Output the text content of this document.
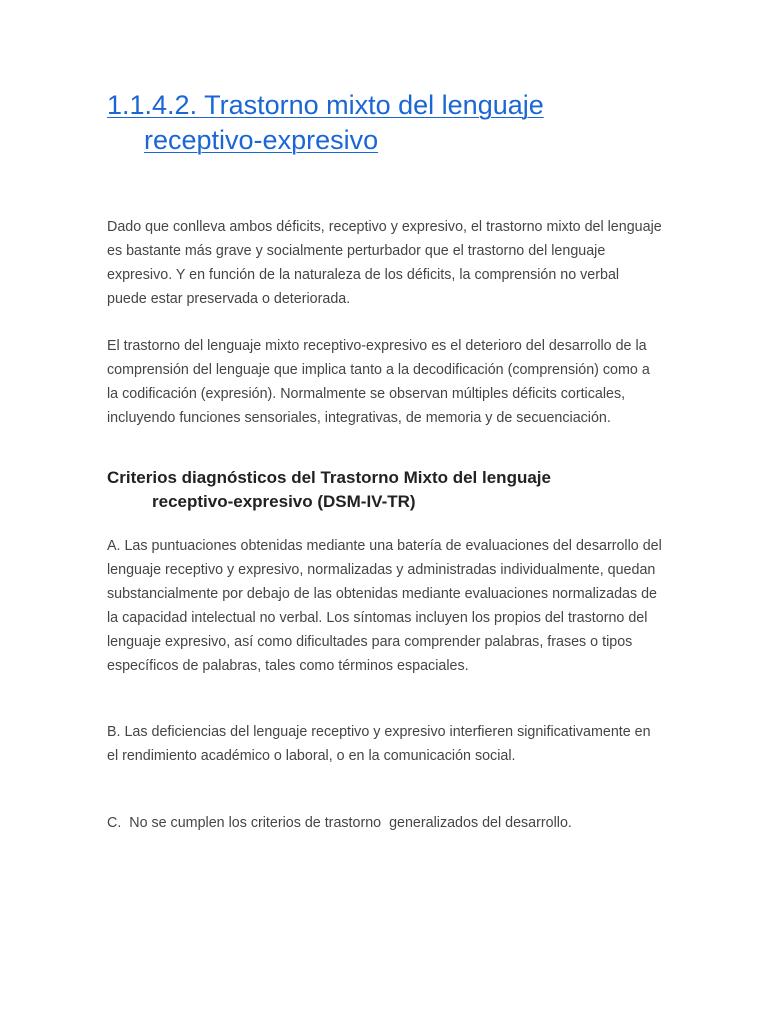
1.1.4.2. Trastorno mixto del lenguaje
receptivo-expresivo

Dado que conlleva ambos déficits, receptivo y expresivo, el trastorno mixto del lenguaje es bastante más grave y socialmente perturbador que el trastorno del lenguaje expresivo. Y en función de la naturaleza de los déficits, la comprensión no verbal puede estar preservada o deteriorada.

El trastorno del lenguaje mixto receptivo-expresivo es el deterioro del desarrollo de la comprensión del lenguaje que implica tanto a la decodificación (comprensión) como a la codificación (expresión). Normalmente se observan múltiples déficits corticales, incluyendo funciones sensoriales, integrativas, de memoria y de secuenciación.

Criterios diagnósticos del Trastorno Mixto del lenguaje
receptivo-expresivo (DSM-IV-TR)

A. Las puntuaciones obtenidas mediante una batería de evaluaciones del desarrollo del lenguaje receptivo y expresivo, normalizadas y administradas individualmente, quedan substancialmente por debajo de las obtenidas mediante evaluaciones normalizadas de la capacidad intelectual no verbal. Los síntomas incluyen los propios del trastorno del lenguaje expresivo, así como dificultades para comprender palabras, frases o tipos específicos de palabras, tales como términos espaciales.

B. Las deficiencias del lenguaje receptivo y expresivo interfieren significativamente en el rendimiento académico o laboral, o en la comunicación social.

C.  No se cumplen los criterios de trastorno  generalizados del desarrollo.
